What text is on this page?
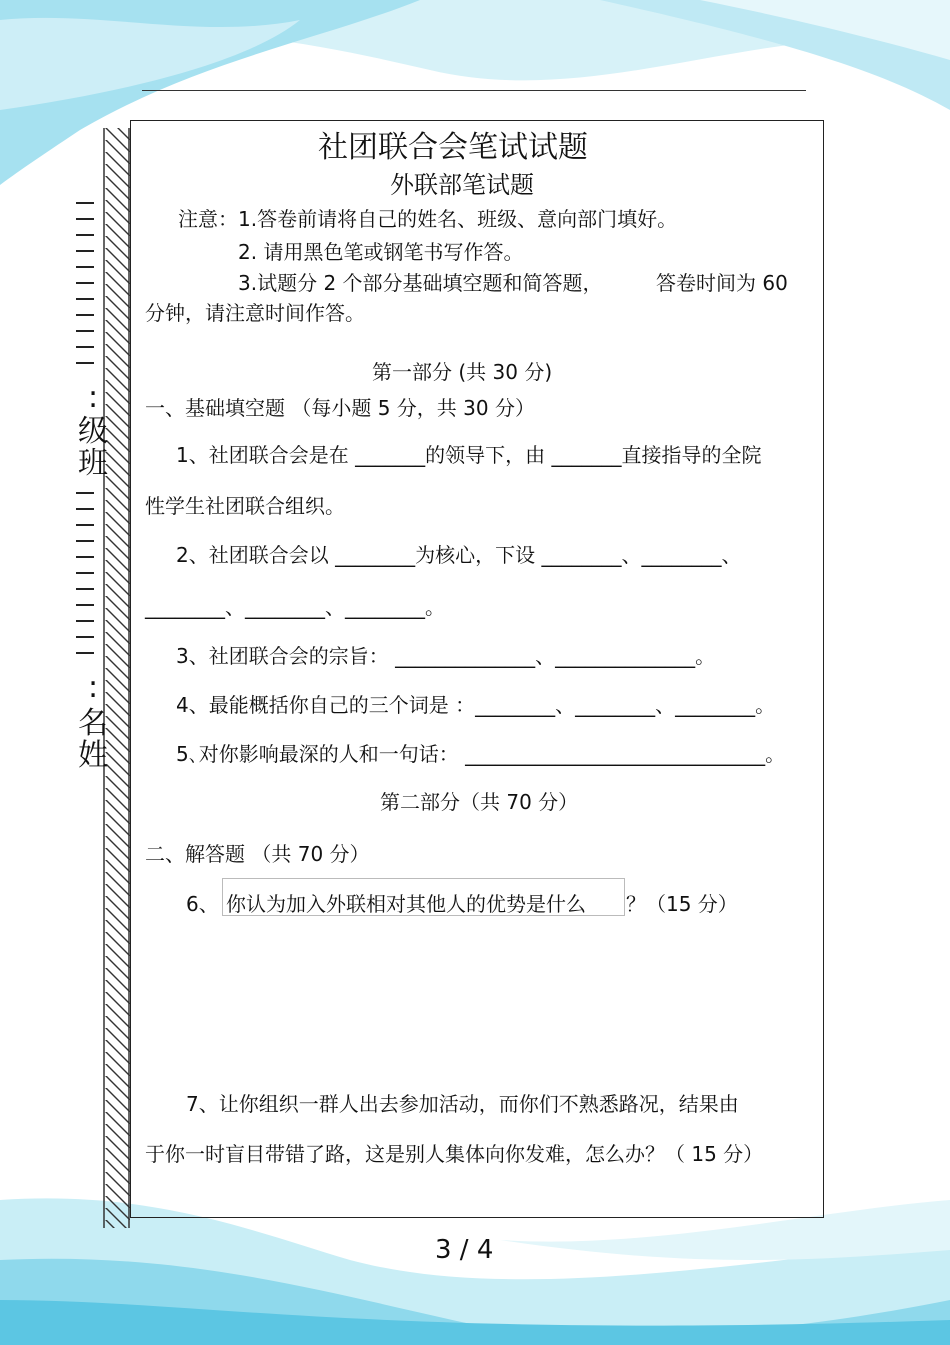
:
级班
:
名姓
社团联合会笔试试题
外联部笔试题
注意：1.答卷前请将自己的姓名、班级、意向部门填好。
2. 请用黑色笔或钢笔书写作答。
3.试题分 2 个部分基础填空题和简答题，	答卷时间为 60
分钟，请注意时间作答。
第一部分 (共 30 分)
一、基础填空题 （每小题 5 分，共 30 分）
1、社团联合会是在 _______的领导下，由 _______直接指导的全院
性学生社团联合组织。
2、社团联合会以 ________为核心，下设 ________、________、
________、________、________。
3、社团联合会的宗旨： ______________、______________。
4、最能概括你自己的三个词是 ：________、________、________。
5､对你影响最深的人和一句话： ______________________________。
第二部分（共 70 分）
二、解答题 （共 70 分）
6、 你认为加入外联相对其他人的优势是什么 ？（15 分）
7、让你组织一群人出去参加活动，而你们不熟悉路况，结果由
于你一时盲目带错了路，这是别人集体向你发难，怎么办？（ 15 分）
3 / 4
